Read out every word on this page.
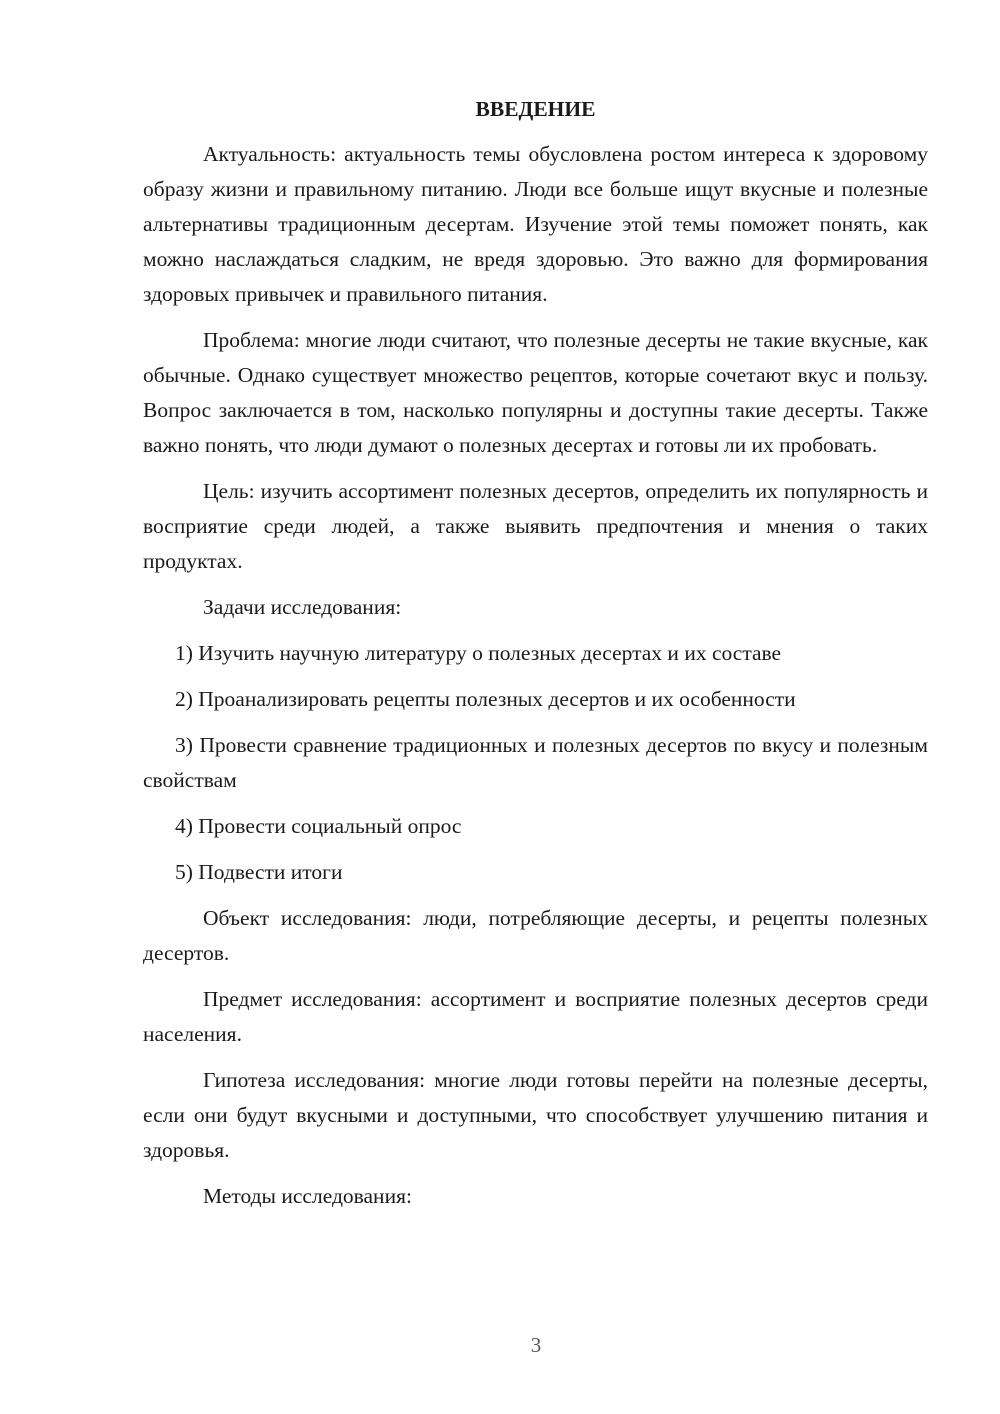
ВВЕДЕНИЕ

Актуальность: актуальность темы обусловлена ростом интереса к здоровому образу жизни и правильному питанию. Люди все больше ищут вкусные и полезные альтернативы традиционным десертам. Изучение этой темы поможет понять, как можно наслаждаться сладким, не вредя здоровью. Это важно для формирования здоровых привычек и правильного питания.

Проблема: многие люди считают, что полезные десерты не такие вкусные, как обычные. Однако существует множество рецептов, которые сочетают вкус и пользу. Вопрос заключается в том, насколько популярны и доступны такие десерты. Также важно понять, что люди думают о полезных десертах и готовы ли их пробовать.

Цель: изучить ассортимент полезных десертов, определить их популярность и восприятие среди людей, а также выявить предпочтения и мнения о таких продуктах.

Задачи исследования:

1) Изучить научную литературу о полезных десертах и их составе

2) Проанализировать рецепты полезных десертов и их особенности

3) Провести сравнение традиционных и полезных десертов по вкусу и полезным свойствам

4) Провести социальный опрос

5) Подвести итоги

Объект исследования: люди, потребляющие десерты, и рецепты полезных десертов.

Предмет исследования: ассортимент и восприятие полезных десертов среди населения.

Гипотеза исследования: многие люди готовы перейти на полезные десерты, если они будут вкусными и доступными, что способствует улучшению питания и здоровья.

Методы исследования:

3
